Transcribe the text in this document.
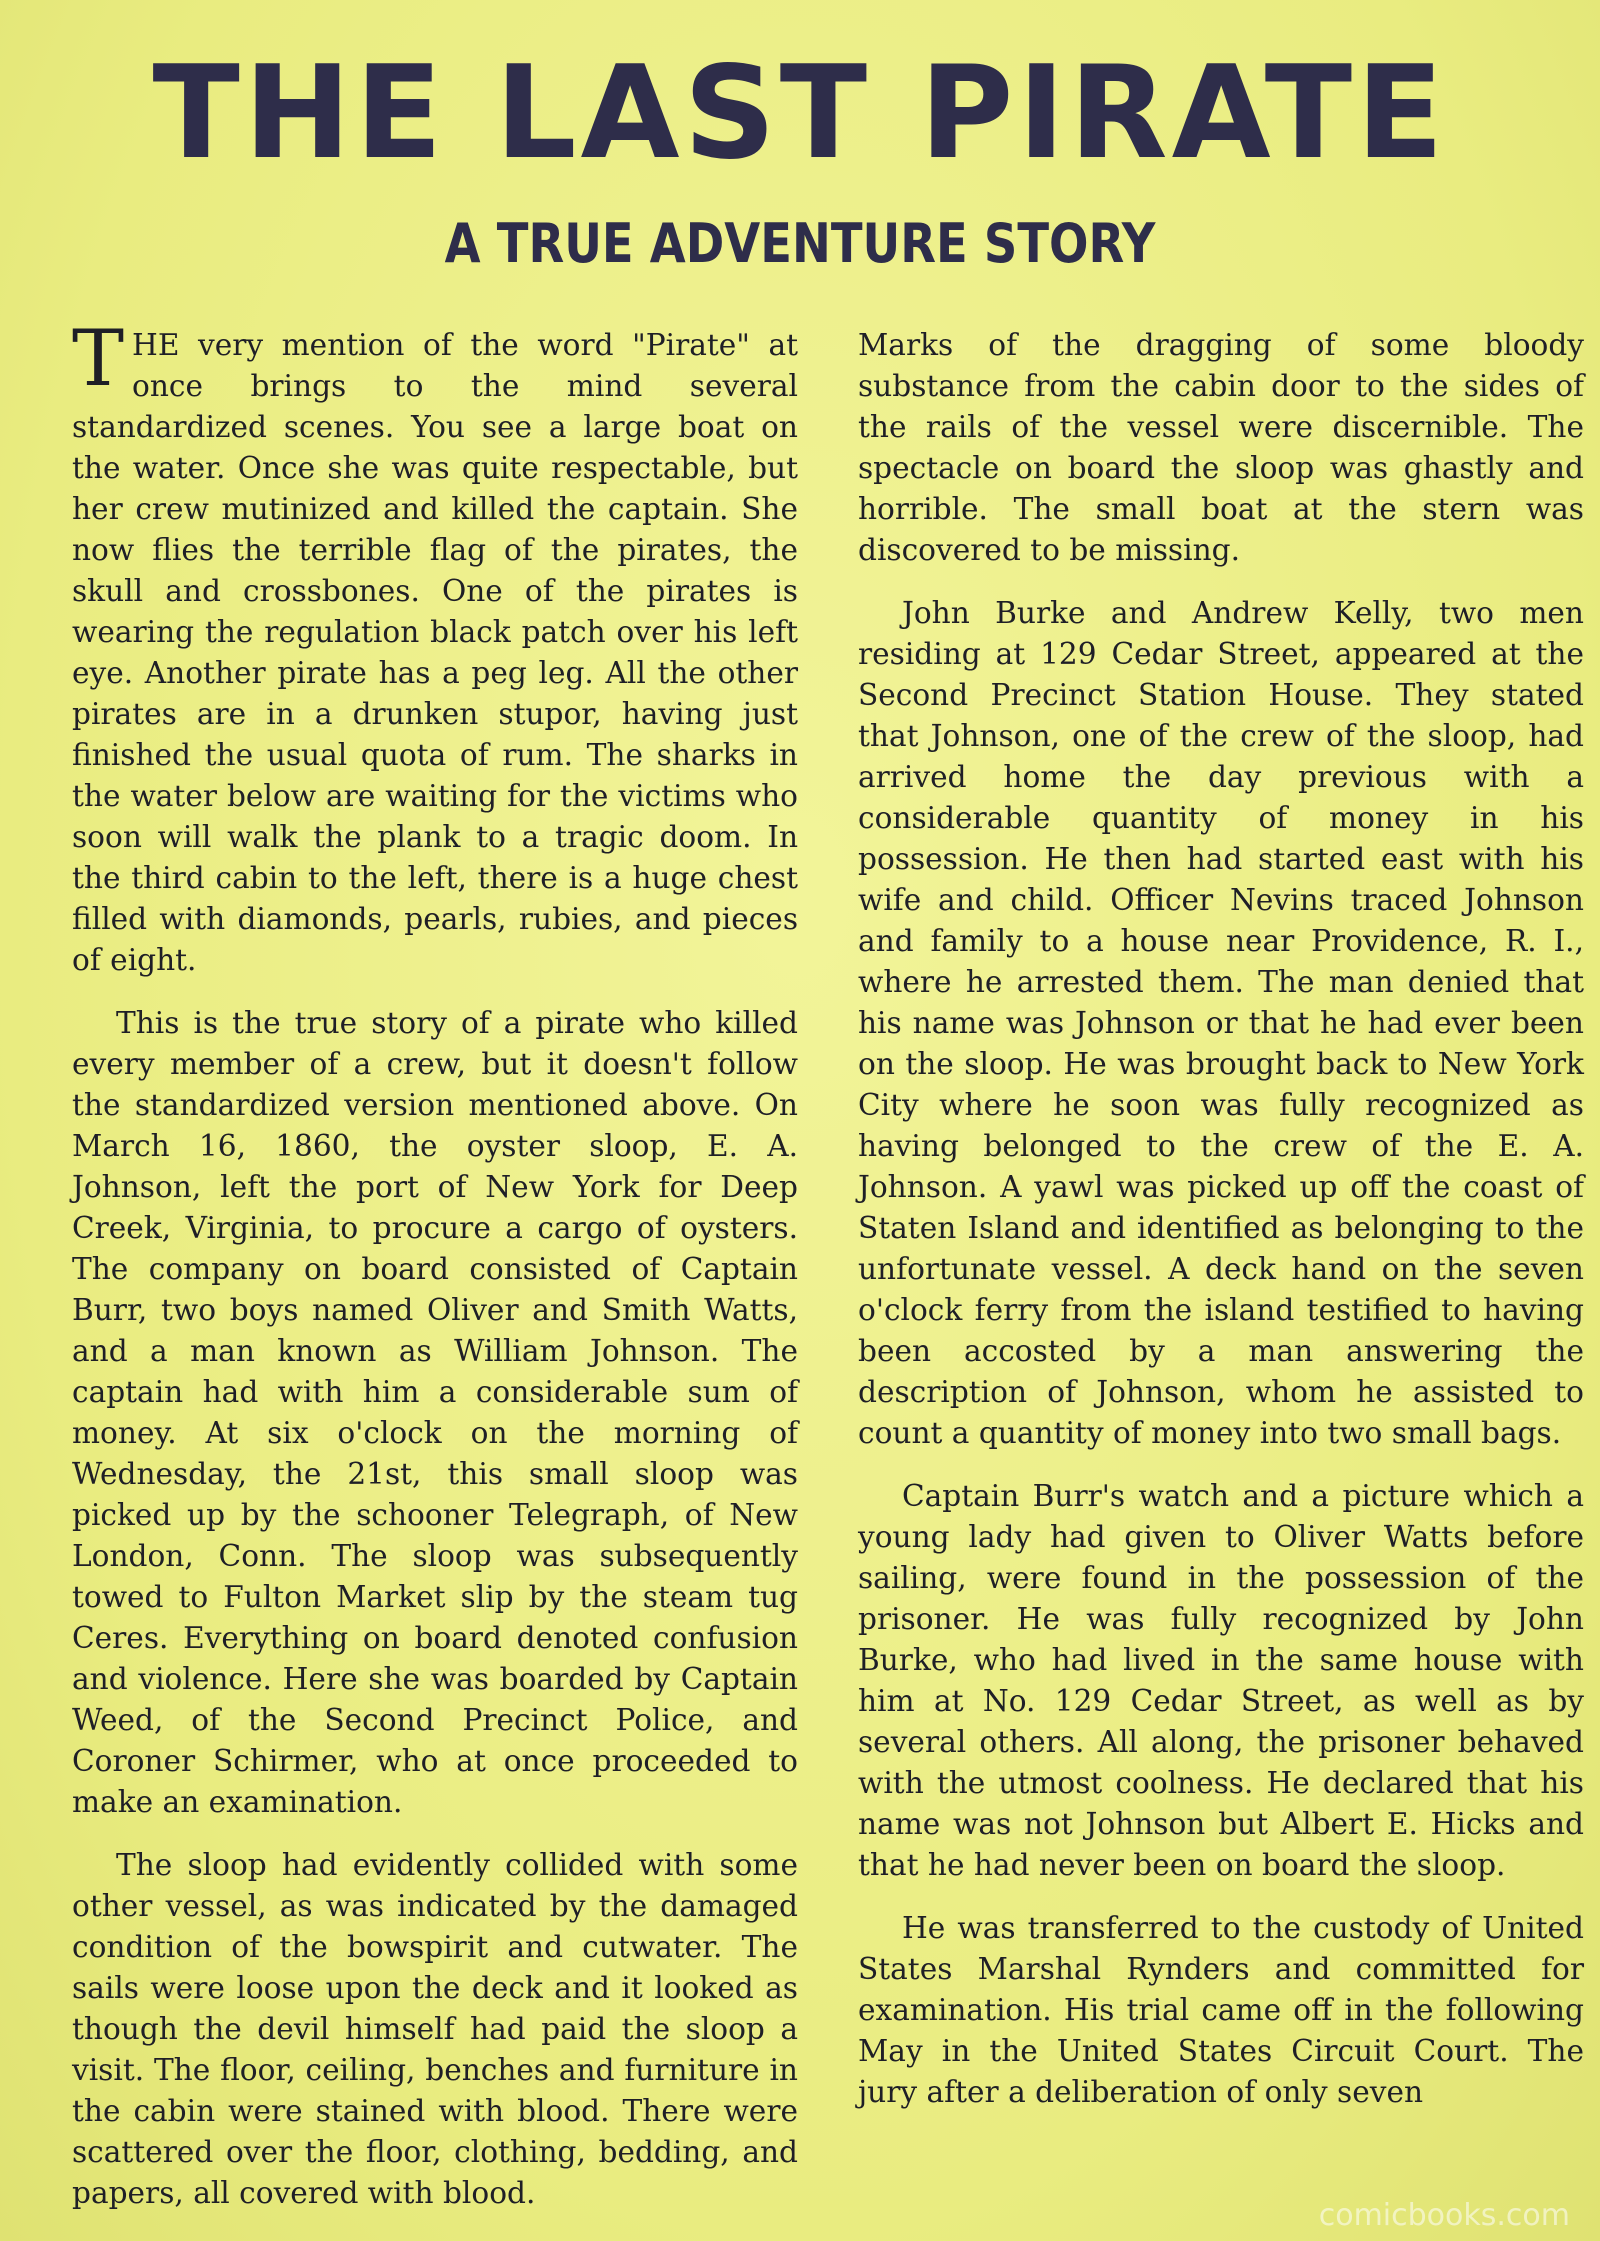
THE LAST PIRATE
A TRUE ADVENTURE STORY

THE very mention of the word "Pirate" at once brings to the mind several standardized scenes. You see a large boat on the water. Once she was quite respectable, but her crew mutinized and killed the captain. She now flies the terrible flag of the pirates, the skull and crossbones. One of the pirates is wearing the regulation black patch over his left eye. Another pirate has a peg leg. All the other pirates are in a drunken stupor, having just finished the usual quota of rum. The sharks in the water below are waiting for the victims who soon will walk the plank to a tragic doom. In the third cabin to the left, there is a huge chest filled with diamonds, pearls, rubies, and pieces of eight.

This is the true story of a pirate who killed every member of a crew, but it doesn't follow the standardized version mentioned above. On March 16, 1860, the oyster sloop, E. A. Johnson, left the port of New York for Deep Creek, Virginia, to procure a cargo of oysters. The company on board consisted of Captain Burr, two boys named Oliver and Smith Watts, and a man known as William Johnson. The captain had with him a considerable sum of money. At six o'clock on the morning of Wednesday, the 21st, this small sloop was picked up by the schooner Telegraph, of New London, Conn. The sloop was subsequently towed to Fulton Market slip by the steam tug Ceres. Everything on board denoted confusion and violence. Here she was boarded by Captain Weed, of the Second Precinct Police, and Coroner Schirmer, who at once proceeded to make an examination.

The sloop had evidently collided with some other vessel, as was indicated by the damaged condition of the bowspirit and cutwater. The sails were loose upon the deck and it looked as though the devil himself had paid the sloop a visit. The floor, ceiling, benches and furniture in the cabin were stained with blood. There were scattered over the floor, clothing, bedding, and papers, all covered with blood.

Marks of the dragging of some bloody substance from the cabin door to the sides of the rails of the vessel were discernible. The spectacle on board the sloop was ghastly and horrible. The small boat at the stern was discovered to be missing.

John Burke and Andrew Kelly, two men residing at 129 Cedar Street, appeared at the Second Precinct Station House. They stated that Johnson, one of the crew of the sloop, had arrived home the day previous with a considerable quantity of money in his possession. He then had started east with his wife and child. Officer Nevins traced Johnson and family to a house near Providence, R. I., where he arrested them. The man denied that his name was Johnson or that he had ever been on the sloop. He was brought back to New York City where he soon was fully recognized as having belonged to the crew of the E. A. Johnson. A yawl was picked up off the coast of Staten Island and identified as belonging to the unfortunate vessel. A deck hand on the seven o'clock ferry from the island testified to having been accosted by a man answering the description of Johnson, whom he assisted to count a quantity of money into two small bags.

Captain Burr's watch and a picture which a young lady had given to Oliver Watts before sailing, were found in the possession of the prisoner. He was fully recognized by John Burke, who had lived in the same house with him at No. 129 Cedar Street, as well as by several others. All along, the prisoner behaved with the utmost coolness. He declared that his name was not Johnson but Albert E. Hicks and that he had never been on board the sloop.

He was transferred to the custody of United States Marshal Rynders and committed for examination. His trial came off in the following May in the United States Circuit Court. The jury after a deliberation of only seven

comicbooks.com
